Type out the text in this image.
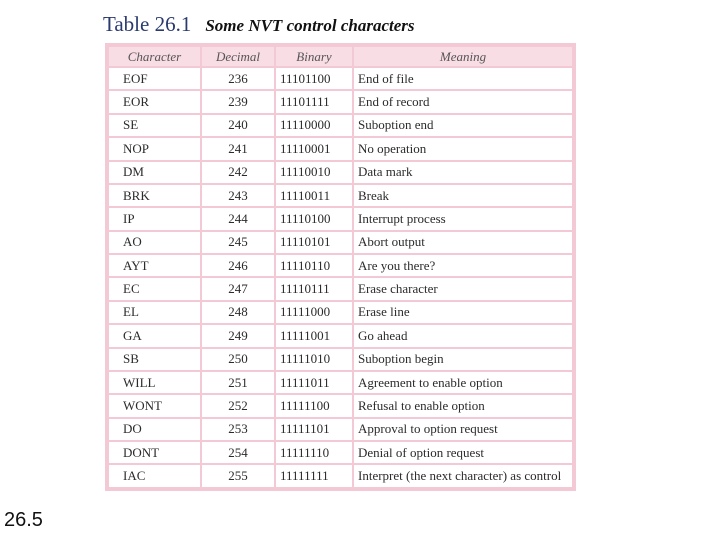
Table 26.1 Some NVT control characters
Character	Decimal	Binary	Meaning
EOF	236	11101100	End of file
EOR	239	11101111	End of record
SE	240	11110000	Suboption end
NOP	241	11110001	No operation
DM	242	11110010	Data mark
BRK	243	11110011	Break
IP	244	11110100	Interrupt process
AO	245	11110101	Abort output
AYT	246	11110110	Are you there?
EC	247	11110111	Erase character
EL	248	11111000	Erase line
GA	249	11111001	Go ahead
SB	250	11111010	Suboption begin
WILL	251	11111011	Agreement to enable option
WONT	252	11111100	Refusal to enable option
DO	253	11111101	Approval to option request
DONT	254	11111110	Denial of option request
IAC	255	11111111	Interpret (the next character) as control
26.5
